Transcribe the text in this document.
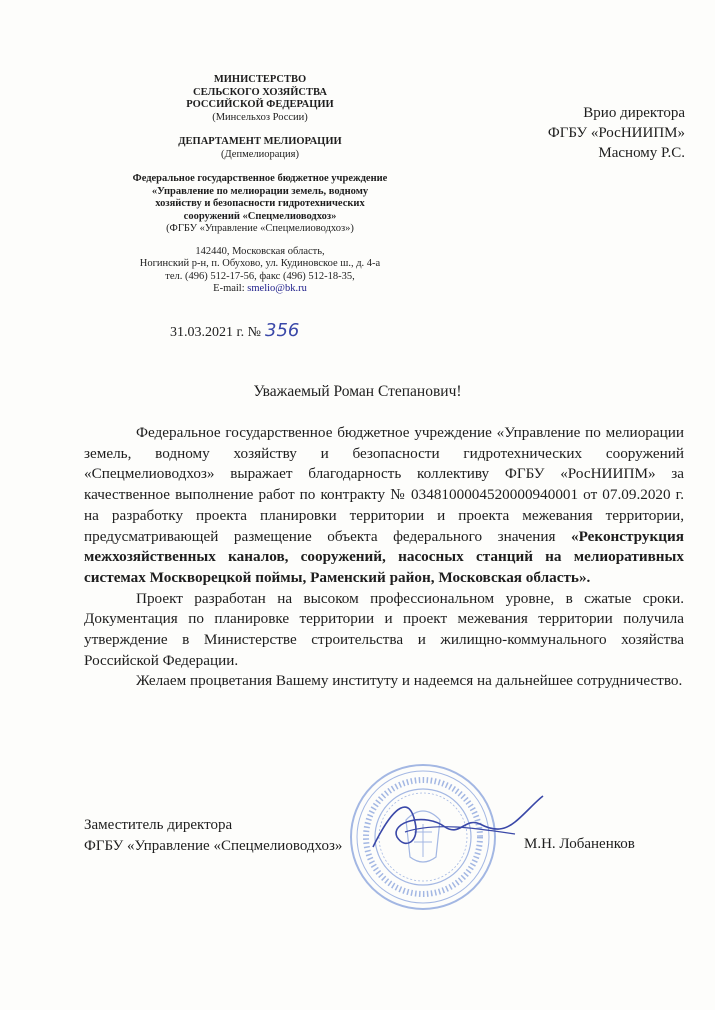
МИНИСТЕРСТВО
СЕЛЬСКОГО ХОЗЯЙСТВА
РОССИЙСКОЙ ФЕДЕРАЦИИ
(Минсельхоз России)
ДЕПАРТАМЕНТ МЕЛИОРАЦИИ
(Депмелиорация)
Федеральное государственное бюджетное учреждение
«Управление по мелиорации земель, водному
хозяйству и безопасности гидротехнических
сооружений «Спецмелиоводхоз»
(ФГБУ «Управление «Спецмелиоводхоз»)
142440, Московская область,
Ногинский р-н, п. Обухово, ул. Кудиновское ш., д. 4-а
тел. (496) 512-17-56, факс (496) 512-18-35,
E-mail: smelio@bk.ru
31.03.2021 г. № 356
Врио директора
ФГБУ «РосНИИПМ»
Масному Р.С.
Уважаемый Роман Степанович!

Федеральное государственное бюджетное учреждение «Управление по мелиорации земель, водному хозяйству и безопасности гидротехнических сооружений «Спецмелиоводхоз» выражает благодарность коллективу ФГБУ «РосНИИПМ» за качественное выполнение работ по контракту № 0348100004520000940001 от 07.09.2020 г. на разработку проекта планировки территории и проекта межевания территории, предусматривающей размещение объекта федерального значения «Реконструкция межхозяйственных каналов, сооружений, насосных станций на мелиоративных системах Москворецкой поймы, Раменский район, Московская область».

Проект разработан на высоком профессиональном уровне, в сжатые сроки. Документация по планировке территории и проект межевания территории получила утверждение в Министерстве строительства и жилищно-коммунального хозяйства Российской Федерации.

Желаем процветания Вашему институту и надеемся на дальнейшее сотрудничество.

Заместитель директора
ФГБУ «Управление «Спецмелиоводхоз»	М.Н. Лобаненков
